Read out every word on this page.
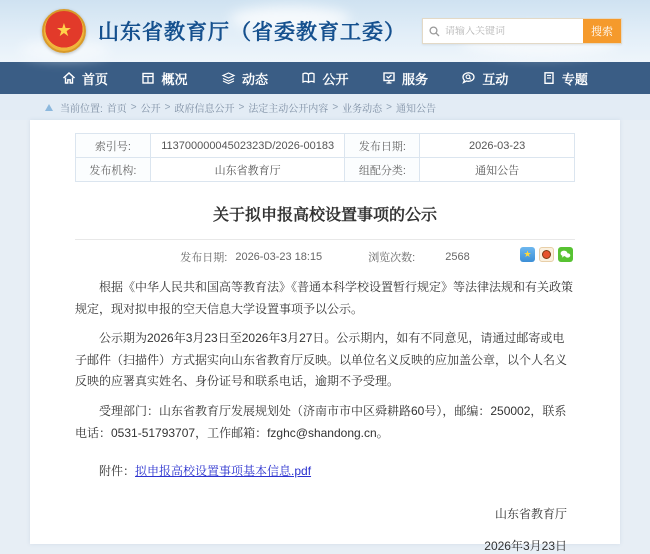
★ 山东省教育厅（省委教育工委）
请输入关键词	搜索
首页	概况	动态	公开	服务	互动	专题
当前位置: 首页 > 公开 > 政府信息公开 > 法定主动公开内容 > 业务动态 > 通知公告
索引号:	11370000004502323D/2026-00183	发布日期:	2026-03-23
发布机构:	山东省教育厅	组配分类:	通知公告
关于拟申报高校设置事项的公示
发布日期: 2026-03-23 18:15	浏览次数:	2568	★

根据《中华人民共和国高等教育法》《普通本科学校设置暂行规定》等法律法规和有关政策规定，现对拟申报的空天信息大学设置事项予以公示。

公示期为2026年3月23日至2026年3月27日。公示期内，如有不同意见，请通过邮寄或电子邮件（扫描件）方式据实向山东省教育厅反映。以单位名义反映的应加盖公章，以个人名义反映的应署真实姓名、身份证号和联系电话，逾期不予受理。

受理部门：山东省教育厅发展规划处（济南市市中区舜耕路60号），邮编：250002，联系电话：0531-51793707，工作邮箱：fzghc@shandong.cn。

附件：拟申报高校设置事项基本信息.pdf
山东省教育厅
2026年3月23日
